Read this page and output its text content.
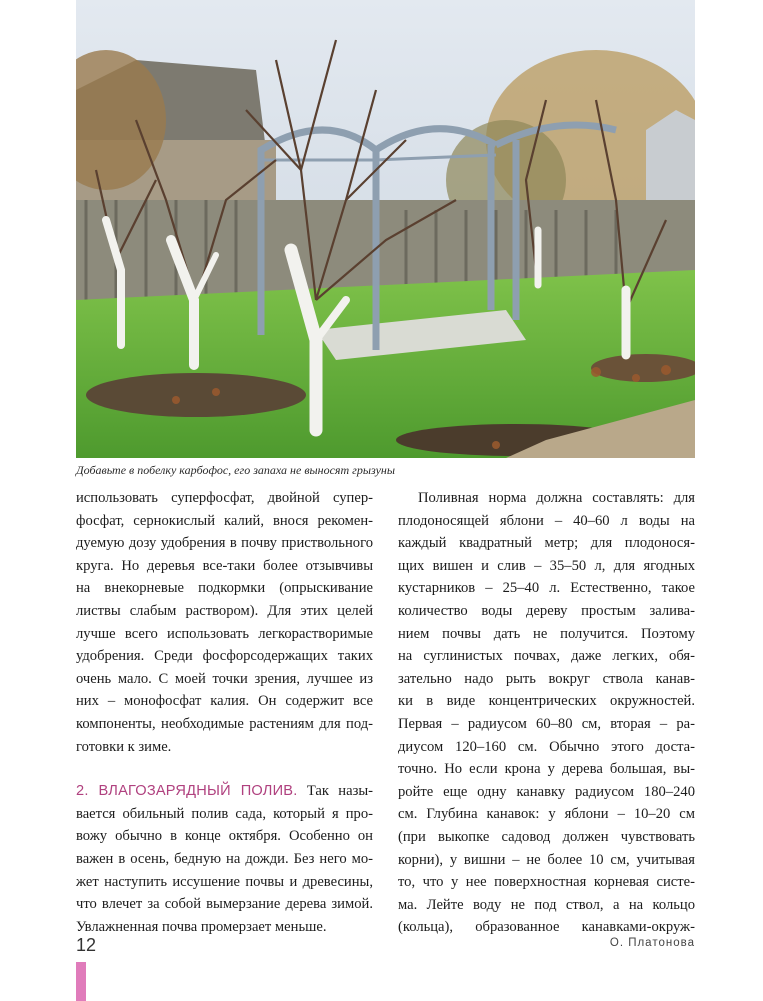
Добавьте в побелку карбофос, его запаха не выносят грызуны

использовать суперфосфат, двойной супер-
фосфат, сернокислый калий, внося рекомен-
дуемую дозу удобрения в почву приствольного
круга. Но деревья все-таки более отзывчивы
на внекорневые подкормки (опрыскивание
листвы слабым раствором). Для этих целей
лучше всего использовать легкорастворимые
удобрения. Среди фосфорсодержащих таких
очень мало. С моей точки зрения, лучшее из
них – монофосфат калия. Он содержит все
компоненты, необходимые растениям для под-
готовки к зиме.

2. ВЛАГОЗАРЯДНЫЙ ПОЛИВ. Так назы-
вается обильный полив сада, который я про-
вожу обычно в конце октября. Особенно он
важен в осень, бедную на дожди. Без него мо-
жет наступить иссушение почвы и древесины,
что влечет за собой вымерзание дерева зимой.
Увлажненная почва промерзает меньше.

Поливная норма должна составлять: для
плодоносящей яблони – 40–60 л воды на
каждый квадратный метр; для плодонося-
щих вишен и слив – 35–50 л, для ягодных
кустарников – 25–40 л. Естественно, такое
количество воды дереву простым залива-
нием почвы дать не получится. Поэтому
на суглинистых почвах, даже легких, обя-
зательно надо рыть вокруг ствола канав-
ки в виде концентрических окружностей.
Первая – радиусом 60–80 см, вторая – ра-
диусом 120–160 см. Обычно этого доста-
точно. Но если крона у дерева большая, вы-
ройте еще одну канавку радиусом 180–240
см. Глубина канавок: у яблони – 10–20 см
(при выкопке садовод должен чувствовать
корни), у вишни – не более 10 см, учитывая
то, что у нее поверхностная корневая систе-
ма. Лейте воду не под ствол, а на кольцо
(кольца), образованное канавками-окруж-

12	О. Платонова
